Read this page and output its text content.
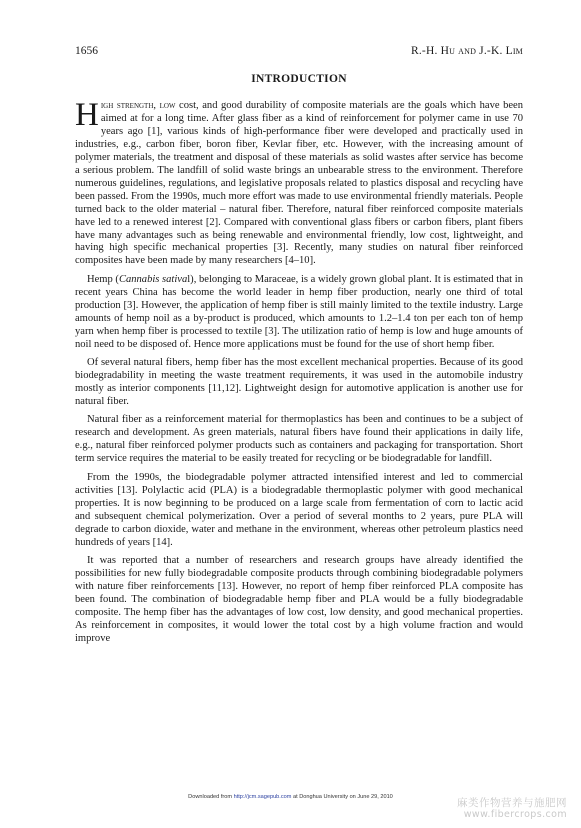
1656	R.-H. Hu and J.-K. Lim
INTRODUCTION

High strength, low cost, and good durability of composite materials are the goals which have been aimed at for a long time. After glass fiber as a kind of reinforcement for polymer came in use 70 years ago [1], various kinds of high-performance fiber were developed and practically used in industries, e.g., carbon fiber, boron fiber, Kevlar fiber, etc. However, with the increasing amount of polymer materials, the treatment and disposal of these materials as solid wastes after service has become a serious problem. The landfill of solid waste brings an unbearable stress to the environment. Therefore numerous guidelines, regulations, and legislative proposals related to plastics disposal and recycling have been passed. From the 1990s, much more effort was made to use environmental friendly materials. People turned back to the older material – natural fiber. Therefore, natural fiber reinforced composite materials have led to a renewed interest [2]. Compared with conventional glass fibers or carbon fibers, plant fibers have many advantages such as being renewable and environmental friendly, low cost, lightweight, and having high specific mechanical properties [3]. Recently, many studies on natural fiber reinforced composites have been made by many researchers [4–10].

Hemp (Cannabis satival), belonging to Maraceae, is a widely grown global plant. It is estimated that in recent years China has become the world leader in hemp fiber production, nearly one third of total production [3]. However, the application of hemp fiber is still mainly limited to the textile industry. Large amounts of hemp noil as a by-product is produced, which amounts to 1.2–1.4 ton per each ton of hemp yarn when hemp fiber is processed to textile [3]. The utilization ratio of hemp is low and huge amounts of noil need to be disposed of. Hence more applications must be found for the use of short hemp fiber.

Of several natural fibers, hemp fiber has the most excellent mechanical properties. Because of its good biodegradability in meeting the waste treatment requirements, it was used in the automobile industry mostly as interior components [11,12]. Lightweight design for automotive application is another use for natural fiber.

Natural fiber as a reinforcement material for thermoplastics has been and continues to be a subject of research and development. As green materials, natural fibers have found their applications in daily life, e.g., natural fiber reinforced polymer products such as containers and packaging for transportation. Short term service requires the material to be easily treated for recycling or be biodegradable for landfill.

From the 1990s, the biodegradable polymer attracted intensified interest and led to commercial activities [13]. Polylactic acid (PLA) is a biodegradable thermoplastic polymer with good mechanical properties. It is now beginning to be produced on a large scale from fermentation of corn to lactic acid and subsequent chemical polymerization. Over a period of several months to 2 years, pure PLA will degrade to carbon dioxide, water and methane in the environment, whereas other petroleum plastics need hundreds of years [14].

It was reported that a number of researchers and research groups have already identified the possibilities for new fully biodegradable composite products through combining biodegradable polymers with nature fiber reinforcements [13]. However, no report of hemp fiber reinforced PLA composite has been found. The combination of biodegradable hemp fiber and PLA would be a fully biodegradable composite. The hemp fiber has the advantages of low cost, low density, and good mechanical properties. As reinforcement in composites, it would lower the total cost by a high volume fraction and would improve

Downloaded from http://jcm.sagepub.com at Donghua University on June 29, 2010	麻类作物营养与施肥网
www.fibercrops.com
